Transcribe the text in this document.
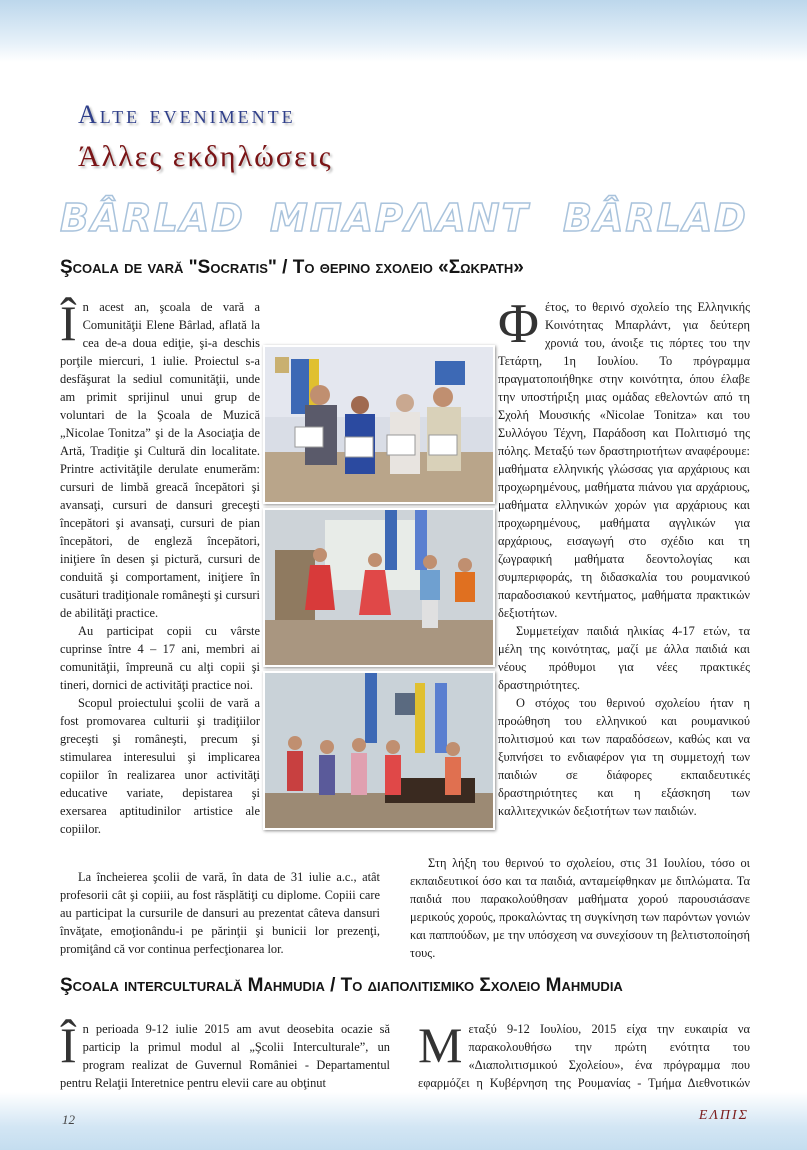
Alte evenimente
Άλλες εκδηλώσεις
BÂRLAD ΜΠΑΡΛΑΝΤ BÂRLAD
Şcoala de vară "Socratis" / Το θερινο σχολειο «Σωκρατη»

În acest an, şcoala de vară a Comunităţii Elene Bârlad, aflată la cea de-a doua ediţie, şi-a deschis porţile miercuri, 1 iulie. Proiectul s-a desfăşurat la sediul comunităţii, unde am primit sprijinul unui grup de voluntari de la Şcoala de Muzică „Nicolae Tonitza” şi de la Asociaţia de Artă, Tradiţie şi Cultură din localitate. Printre activităţile derulate enumerăm: cursuri de limbă greacă începători şi avansaţi, cursuri de dansuri greceşti începători şi avansaţi, cursuri de pian începători, de engleză începători, iniţiere în desen şi pictură, cursuri de conduită şi comportament, iniţiere în cusături tradiţionale româneşti şi cursuri de abilităţi practice.

Au participat copii cu vârste cuprinse între 4 – 17 ani, membri ai comunităţii, împreună cu alţi copii şi tineri, dornici de activităţi practice noi.

Scopul proiectului şcolii de vară a fost promovarea culturii şi tradiţiilor greceşti şi româneşti, precum şi stimularea interesului şi implicarea copiilor în realizarea unor activităţi educative variate, depistarea şi exersarea aptitudinilor artistice ale copiilor.

La încheierea şcolii de vară, în data de 31 iulie a.c., atât profesorii cât şi copiii, au fost răsplătiţi cu diplome. Copiii care au participat la cursurile de dansuri au prezentat câteva dansuri învăţate, emoţionându-i pe părinţii şi bunicii lor prezenţi, promiţând că vor continua perfecţionarea lor.

Φέτος, το θερινό σχολείο της Ελληνικής Κοινότητας Μπαρλάντ, για δεύτερη χρονιά του, άνοιξε τις πόρτες του την Τετάρτη, 1η Ιουλίου. Το πρόγραμμα πραγματοποιήθηκε στην κοινότητα, όπου έλαβε την υποστήριξη μιας ομάδας εθελοντών από τη Σχολή Μουσικής «Nicolae Tonitza» και του Συλλόγου Τέχνη, Παράδοση και Πολιτισμό της πόλης. Μεταξύ των δραστηριοτήτων αναφέρουμε: μαθήματα ελληνικής γλώσσας για αρχάριους και προχωρημένους, μαθήματα πιάνου για αρχάριους, μαθήματα ελληνικών χορών για αρχάριους και προχωρημένους, μαθήματα αγγλικών για αρχάριους, εισαγωγή στο σχέδιο και τη ζωγραφική μαθήματα δεοντολογίας και συμπεριφοράς, τη διδασκαλία του ρουμανικού παραδοσιακού κεντήματος, μαθήματα πρακτικών δεξιοτήτων.

Συμμετείχαν παιδιά ηλικίας 4-17 ετών, τα μέλη της κοινότητας, μαζί με άλλα παιδιά και νέους πρόθυμοι για νέες πρακτικές δραστηριότητες.

Ο στόχος του θερινού σχολείου ήταν η προώθηση του ελληνικού και ρουμανικού πολιτισμού και των παραδόσεων, καθώς και να ξυπνήσει το ενδιαφέρον για τη συμμετοχή των παιδιών σε διάφορες εκπαιδευτικές δραστηριότητες και η εξάσκηση των καλλιτεχνικών δεξιοτήτων των παιδιών.

Στη λήξη του θερινού το σχολείου, στις 31 Ιουλίου, τόσο οι εκπαιδευτικοί όσο και τα παιδιά, ανταμείφθηκαν με διπλώματα. Τα παιδιά που παρακολούθησαν μαθήματα χορού παρουσιάσανε μερικούς χορούς, προκαλώντας τη συγκίνηση των παρόντων γονιών και παππούδων, με την υπόσχεση να συνεχίσουν τη βελτιστοποίησή τους.

Şcoala interculturală Mahmudia / Το διαπολιτισμικο Σχολειο Mahmudia

În perioada 9-12 iulie 2015 am avut deosebita ocazie să particip la primul modul al „Şcolii Interculturale”, un program realizat de Guvernul României - Departamentul pentru Relaţii Interetnice pentru elevii care au obţinut

Μεταξύ 9-12 Ιουλίου, 2015 είχα την ευκαιρία να παρακολουθήσω την πρώτη ενότητα του «Διαπολιτισμικού Σχολείου», ένα πρόγραμμα που εφαρμόζει η Κυβέρνηση της Ρουμανίας - Τμήμα Διεθνοτικών

12	ΕΛΠΙΣ
